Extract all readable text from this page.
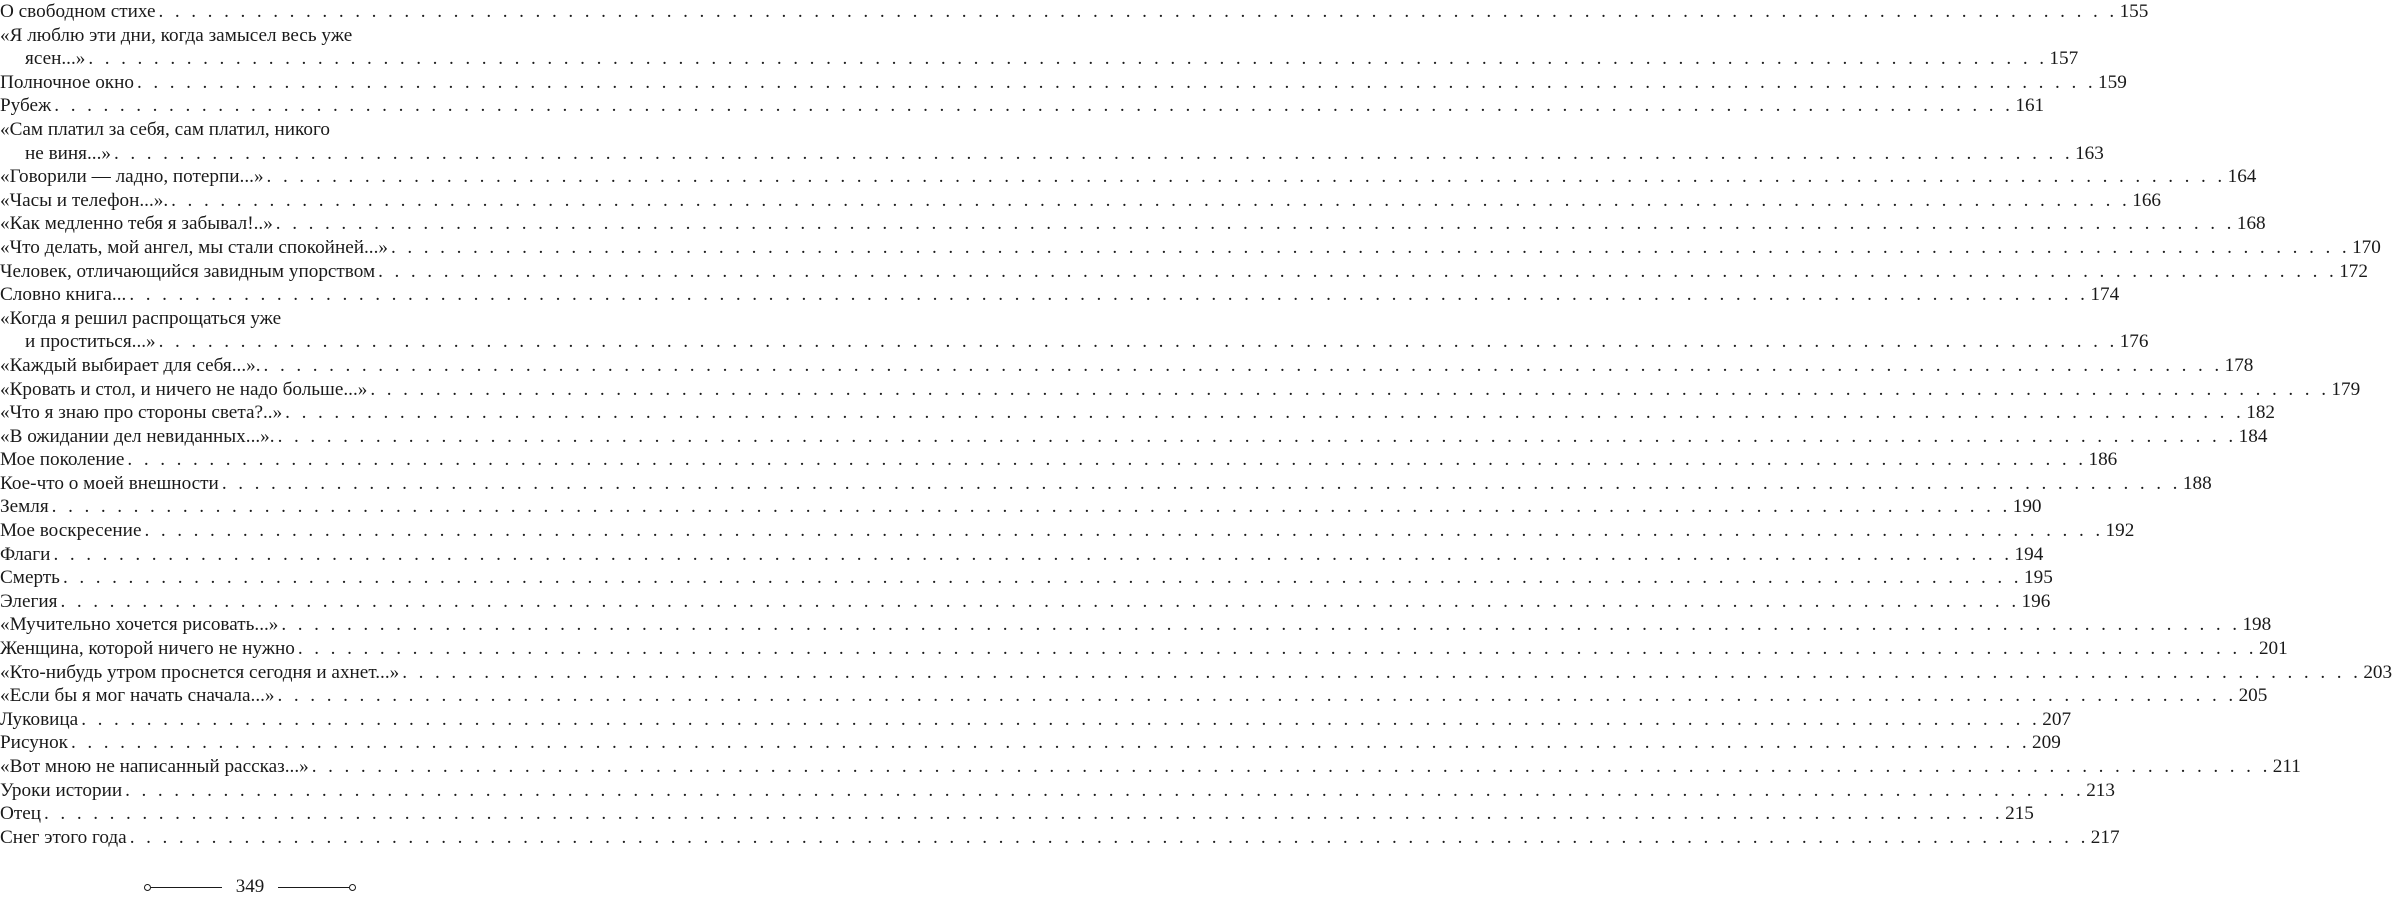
О свободном стихе . . . . . . . . . . . . . . . . . . . . . . . . . . . . . . . . . . . . . . . . . . . . . . . . . . . . . . . . . . . . . . . . . . . . . . . . . . . . . . . . . . . . . . . . . . . . . . . . . . . . . . . . . . . . . . . . . . . . . . . . 155
«Я люблю эти дни, когда замысел весь уже
ясен...» . . . . . . . . . . . . . . . . . . . . . . . . . . . . . . . . . . . . . . . . . . . . . . . . . . . . . . . . . . . . . . . . . . . . . . . . . . . . . . . . . . . . . . . . . . . . . . . . . . . . . . . . . . . . . . . . . . . . . . . . 157
Полночное окно . . . . . . . . . . . . . . . . . . . . . . . . . . . . . . . . . . . . . . . . . . . . . . . . . . . . . . . . . . . . . . . . . . . . . . . . . . . . . . . . . . . . . . . . . . . . . . . . . . . . . . . . . . . . . . . . . . . . . . . . 159
Рубеж . . . . . . . . . . . . . . . . . . . . . . . . . . . . . . . . . . . . . . . . . . . . . . . . . . . . . . . . . . . . . . . . . . . . . . . . . . . . . . . . . . . . . . . . . . . . . . . . . . . . . . . . . . . . . . . . . . . . . . . . 161
«Сам платил за себя, сам платил, никого
не виня...» . . . . . . . . . . . . . . . . . . . . . . . . . . . . . . . . . . . . . . . . . . . . . . . . . . . . . . . . . . . . . . . . . . . . . . . . . . . . . . . . . . . . . . . . . . . . . . . . . . . . . . . . . . . . . . . . . . . . . . . . 163
«Говорили — ладно, потерпи...» . . . . . . . . . . . . . . . . . . . . . . . . . . . . . . . . . . . . . . . . . . . . . . . . . . . . . . . . . . . . . . . . . . . . . . . . . . . . . . . . . . . . . . . . . . . . . . . . . . . . . . . . . . . . . . . . . . . . . . . . 164
«Часы и телефон...». . . . . . . . . . . . . . . . . . . . . . . . . . . . . . . . . . . . . . . . . . . . . . . . . . . . . . . . . . . . . . . . . . . . . . . . . . . . . . . . . . . . . . . . . . . . . . . . . . . . . . . . . . . . . . . . . . . . . . . . . 166
«Как медленно тебя я забывал!..» . . . . . . . . . . . . . . . . . . . . . . . . . . . . . . . . . . . . . . . . . . . . . . . . . . . . . . . . . . . . . . . . . . . . . . . . . . . . . . . . . . . . . . . . . . . . . . . . . . . . . . . . . . . . . . . . . . . . . . . . 168
«Что делать, мой ангел, мы стали спокойней...» . . . . . . . . . . . . . . . . . . . . . . . . . . . . . . . . . . . . . . . . . . . . . . . . . . . . . . . . . . . . . . . . . . . . . . . . . . . . . . . . . . . . . . . . . . . . . . . . . . . . . . . . . . . . . . . . . . . . . . . . 170
Человек, отличающийся завидным упорством . . . . . . . . . . . . . . . . . . . . . . . . . . . . . . . . . . . . . . . . . . . . . . . . . . . . . . . . . . . . . . . . . . . . . . . . . . . . . . . . . . . . . . . . . . . . . . . . . . . . . . . . . . . . . . . . . . . . . . . . 172
Словно книга... . . . . . . . . . . . . . . . . . . . . . . . . . . . . . . . . . . . . . . . . . . . . . . . . . . . . . . . . . . . . . . . . . . . . . . . . . . . . . . . . . . . . . . . . . . . . . . . . . . . . . . . . . . . . . . . . . . . . . . . . 174
«Когда я решил распрощаться уже
и проститься...» . . . . . . . . . . . . . . . . . . . . . . . . . . . . . . . . . . . . . . . . . . . . . . . . . . . . . . . . . . . . . . . . . . . . . . . . . . . . . . . . . . . . . . . . . . . . . . . . . . . . . . . . . . . . . . . . . . . . . . . . 176
«Каждый выбирает для себя...». . . . . . . . . . . . . . . . . . . . . . . . . . . . . . . . . . . . . . . . . . . . . . . . . . . . . . . . . . . . . . . . . . . . . . . . . . . . . . . . . . . . . . . . . . . . . . . . . . . . . . . . . . . . . . . . . . . . . . . . . 178
«Кровать и стол, и ничего не надо больше...» . . . . . . . . . . . . . . . . . . . . . . . . . . . . . . . . . . . . . . . . . . . . . . . . . . . . . . . . . . . . . . . . . . . . . . . . . . . . . . . . . . . . . . . . . . . . . . . . . . . . . . . . . . . . . . . . . . . . . . . . 179
«Что я знаю про стороны света?..» . . . . . . . . . . . . . . . . . . . . . . . . . . . . . . . . . . . . . . . . . . . . . . . . . . . . . . . . . . . . . . . . . . . . . . . . . . . . . . . . . . . . . . . . . . . . . . . . . . . . . . . . . . . . . . . . . . . . . . . . 182
«В ожидании дел невиданных...». . . . . . . . . . . . . . . . . . . . . . . . . . . . . . . . . . . . . . . . . . . . . . . . . . . . . . . . . . . . . . . . . . . . . . . . . . . . . . . . . . . . . . . . . . . . . . . . . . . . . . . . . . . . . . . . . . . . . . . . . 184
Мое поколение . . . . . . . . . . . . . . . . . . . . . . . . . . . . . . . . . . . . . . . . . . . . . . . . . . . . . . . . . . . . . . . . . . . . . . . . . . . . . . . . . . . . . . . . . . . . . . . . . . . . . . . . . . . . . . . . . . . . . . . . 186
Кое-что о моей внешности . . . . . . . . . . . . . . . . . . . . . . . . . . . . . . . . . . . . . . . . . . . . . . . . . . . . . . . . . . . . . . . . . . . . . . . . . . . . . . . . . . . . . . . . . . . . . . . . . . . . . . . . . . . . . . . . . . . . . . . . 188
Земля . . . . . . . . . . . . . . . . . . . . . . . . . . . . . . . . . . . . . . . . . . . . . . . . . . . . . . . . . . . . . . . . . . . . . . . . . . . . . . . . . . . . . . . . . . . . . . . . . . . . . . . . . . . . . . . . . . . . . . . . 190
Мое воскресение . . . . . . . . . . . . . . . . . . . . . . . . . . . . . . . . . . . . . . . . . . . . . . . . . . . . . . . . . . . . . . . . . . . . . . . . . . . . . . . . . . . . . . . . . . . . . . . . . . . . . . . . . . . . . . . . . . . . . . . . 192
Флаги . . . . . . . . . . . . . . . . . . . . . . . . . . . . . . . . . . . . . . . . . . . . . . . . . . . . . . . . . . . . . . . . . . . . . . . . . . . . . . . . . . . . . . . . . . . . . . . . . . . . . . . . . . . . . . . . . . . . . . . . 194
Смерть . . . . . . . . . . . . . . . . . . . . . . . . . . . . . . . . . . . . . . . . . . . . . . . . . . . . . . . . . . . . . . . . . . . . . . . . . . . . . . . . . . . . . . . . . . . . . . . . . . . . . . . . . . . . . . . . . . . . . . . . 195
Элегия . . . . . . . . . . . . . . . . . . . . . . . . . . . . . . . . . . . . . . . . . . . . . . . . . . . . . . . . . . . . . . . . . . . . . . . . . . . . . . . . . . . . . . . . . . . . . . . . . . . . . . . . . . . . . . . . . . . . . . . . 196
«Мучительно хочется рисовать...» . . . . . . . . . . . . . . . . . . . . . . . . . . . . . . . . . . . . . . . . . . . . . . . . . . . . . . . . . . . . . . . . . . . . . . . . . . . . . . . . . . . . . . . . . . . . . . . . . . . . . . . . . . . . . . . . . . . . . . . . 198
Женщина, которой ничего не нужно . . . . . . . . . . . . . . . . . . . . . . . . . . . . . . . . . . . . . . . . . . . . . . . . . . . . . . . . . . . . . . . . . . . . . . . . . . . . . . . . . . . . . . . . . . . . . . . . . . . . . . . . . . . . . . . . . . . . . . . . 201
«Кто-нибудь утром проснется сегодня и ахнет...» . . . . . . . . . . . . . . . . . . . . . . . . . . . . . . . . . . . . . . . . . . . . . . . . . . . . . . . . . . . . . . . . . . . . . . . . . . . . . . . . . . . . . . . . . . . . . . . . . . . . . . . . . . . . . . . . . . . . . . . . 203
«Если бы я мог начать сначала...» . . . . . . . . . . . . . . . . . . . . . . . . . . . . . . . . . . . . . . . . . . . . . . . . . . . . . . . . . . . . . . . . . . . . . . . . . . . . . . . . . . . . . . . . . . . . . . . . . . . . . . . . . . . . . . . . . . . . . . . . 205
Луковица . . . . . . . . . . . . . . . . . . . . . . . . . . . . . . . . . . . . . . . . . . . . . . . . . . . . . . . . . . . . . . . . . . . . . . . . . . . . . . . . . . . . . . . . . . . . . . . . . . . . . . . . . . . . . . . . . . . . . . . . 207
Рисунок . . . . . . . . . . . . . . . . . . . . . . . . . . . . . . . . . . . . . . . . . . . . . . . . . . . . . . . . . . . . . . . . . . . . . . . . . . . . . . . . . . . . . . . . . . . . . . . . . . . . . . . . . . . . . . . . . . . . . . . . 209
«Вот мною не написанный рассказ...» . . . . . . . . . . . . . . . . . . . . . . . . . . . . . . . . . . . . . . . . . . . . . . . . . . . . . . . . . . . . . . . . . . . . . . . . . . . . . . . . . . . . . . . . . . . . . . . . . . . . . . . . . . . . . . . . . . . . . . . . 211
Уроки истории . . . . . . . . . . . . . . . . . . . . . . . . . . . . . . . . . . . . . . . . . . . . . . . . . . . . . . . . . . . . . . . . . . . . . . . . . . . . . . . . . . . . . . . . . . . . . . . . . . . . . . . . . . . . . . . . . . . . . . . . 213
Отец . . . . . . . . . . . . . . . . . . . . . . . . . . . . . . . . . . . . . . . . . . . . . . . . . . . . . . . . . . . . . . . . . . . . . . . . . . . . . . . . . . . . . . . . . . . . . . . . . . . . . . . . . . . . . . . . . . . . . . . . 215
Снег этого года . . . . . . . . . . . . . . . . . . . . . . . . . . . . . . . . . . . . . . . . . . . . . . . . . . . . . . . . . . . . . . . . . . . . . . . . . . . . . . . . . . . . . . . . . . . . . . . . . . . . . . . . . . . . . . . . . . . . . . . . 217
349
